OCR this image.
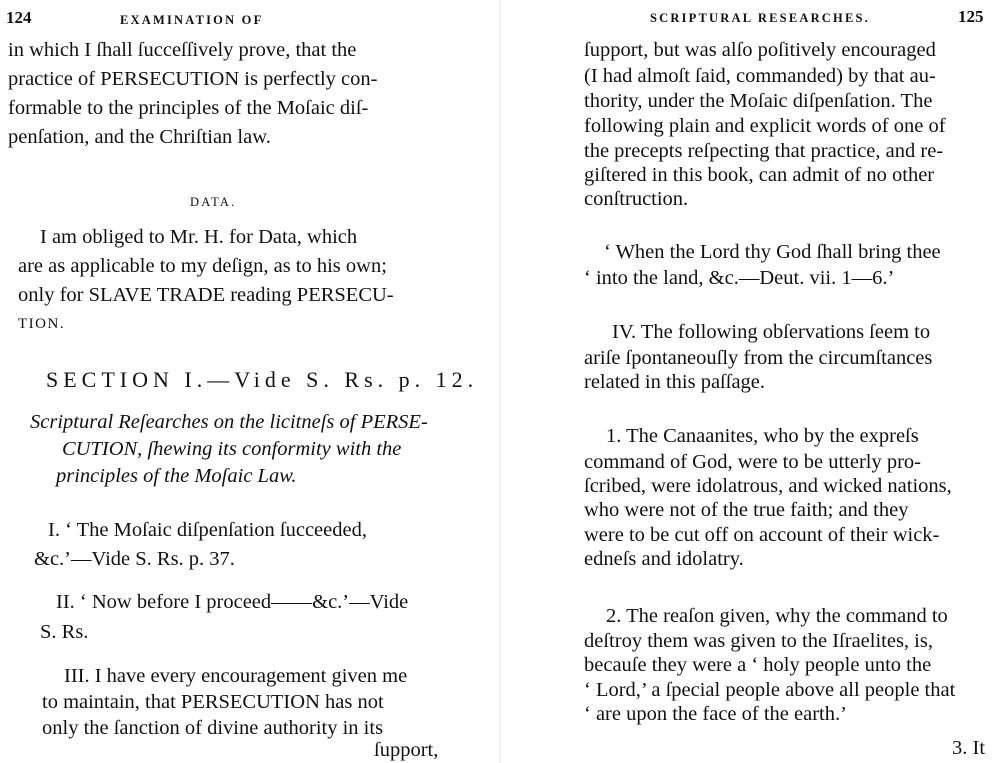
124	EXAMINATION OF
in which I ſhall ſucceſſively prove, that the
practice of PERSECUTION is perfectly con-
formable to the principles of the Moſaic diſ-
penſation, and the Chriſtian law.
DATA.
I am obliged to Mr. H. for Data, which
are as applicable to my deſign, as to his own;
only for SLAVE TRADE reading PERSECU-
TION.
SECTION I.—Vide S. Rs. p. 12.
Scriptural Reſearches on the licitneſs of PERSE-
CUTION, ſhewing its conformity with the
principles of the Moſaic Law.
I. ‘ The Moſaic diſpenſation ſucceeded,
&c.’—Vide S. Rs. p. 37.
II. ‘ Now before I proceed——&c.’—Vide
S. Rs.
III. I have every encouragement given me
to maintain, that PERSECUTION has not
only the ſanction of divine authority in its
ſupport,
SCRIPTURAL RESEARCHES.	125
ſupport, but was alſo poſitively encouraged
(I had almoſt ſaid, commanded) by that au-
thority, under the Moſaic diſpenſation. The
following plain and explicit words of one of
the precepts reſpecting that practice, and re-
giſtered in this book, can admit of no other
conſtruction.
‘ When the Lord thy God ſhall bring thee
‘ into the land, &c.—Deut. vii. 1—6.’
IV. The following obſervations ſeem to
ariſe ſpontaneouſly from the circumſtances
related in this paſſage.
1. The Canaanites, who by the expreſs
command of God, were to be utterly pro-
ſcribed, were idolatrous, and wicked nations,
who were not of the true faith; and they
were to be cut off on account of their wick-
edneſs and idolatry.
2. The reaſon given, why the command to
deſtroy them was given to the Iſraelites, is,
becauſe they were a ‘ holy people unto the
‘ Lord,’ a ſpecial people above all people that
‘ are upon the face of the earth.’
3. It
